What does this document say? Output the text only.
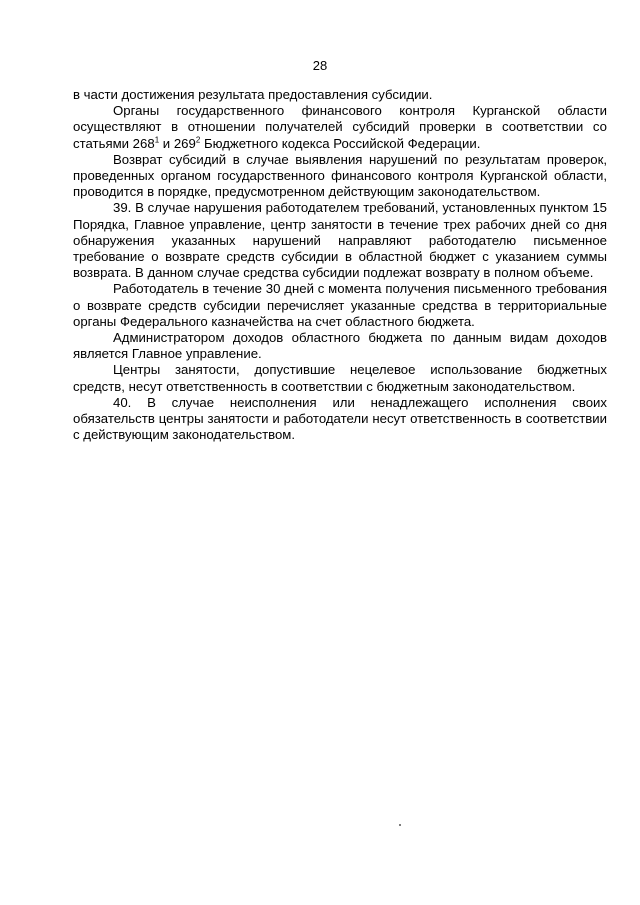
28

в части достижения результата предоставления субсидии.

Органы государственного финансового контроля Курганской области осуществляют в отношении получателей субсидий проверки в соответствии со статьями $268^1$ и $269^2$ Бюджетного кодекса Российской Федерации.

Возврат субсидий в случае выявления нарушений по результатам проверок, проведенных органом государственного финансового контроля Курганской области, проводится в порядке, предусмотренном действующим законодательством.

39. В случае нарушения работодателем требований, установленных пунктом 15 Порядка, Главное управление, центр занятости в течение трех рабочих дней со дня обнаружения указанных нарушений направляют работодателю письменное требование о возврате средств субсидии в областной бюджет с указанием суммы возврата. В данном случае средства субсидии подлежат возврату в полном объеме.

Работодатель в течение 30 дней с момента получения письменного требования о возврате средств субсидии перечисляет указанные средства в территориальные органы Федерального казначейства на счет областного бюджета.

Администратором доходов областного бюджета по данным видам доходов является Главное управление.

Центры занятости, допустившие нецелевое использование бюджетных средств, несут ответственность в соответствии с бюджетным законодательством.

40. В случае неисполнения или ненадлежащего исполнения своих обязательств центры занятости и работодатели несут ответственность в соответствии с действующим законодательством.
